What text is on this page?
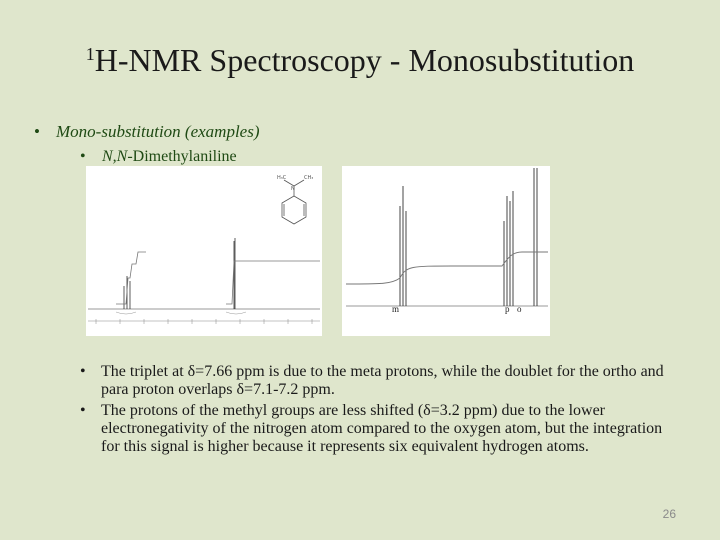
$^1$H-NMR Spectroscopy - Monosubstitution
• Mono-substitution (examples)
• N,N-Dimethylaniline
H₃C	CH₃
N
m	p o
• The triplet at δ=7.66 ppm is due to the meta protons, while the doublet for the ortho and para proton overlaps δ=7.1-7.2 ppm.
• The protons of the methyl groups are less shifted (δ=3.2 ppm) due to the lower electronegativity of the nitrogen atom compared to the oxygen atom, but the integration for this signal is higher because it represents six equivalent hydrogen atoms.
26
